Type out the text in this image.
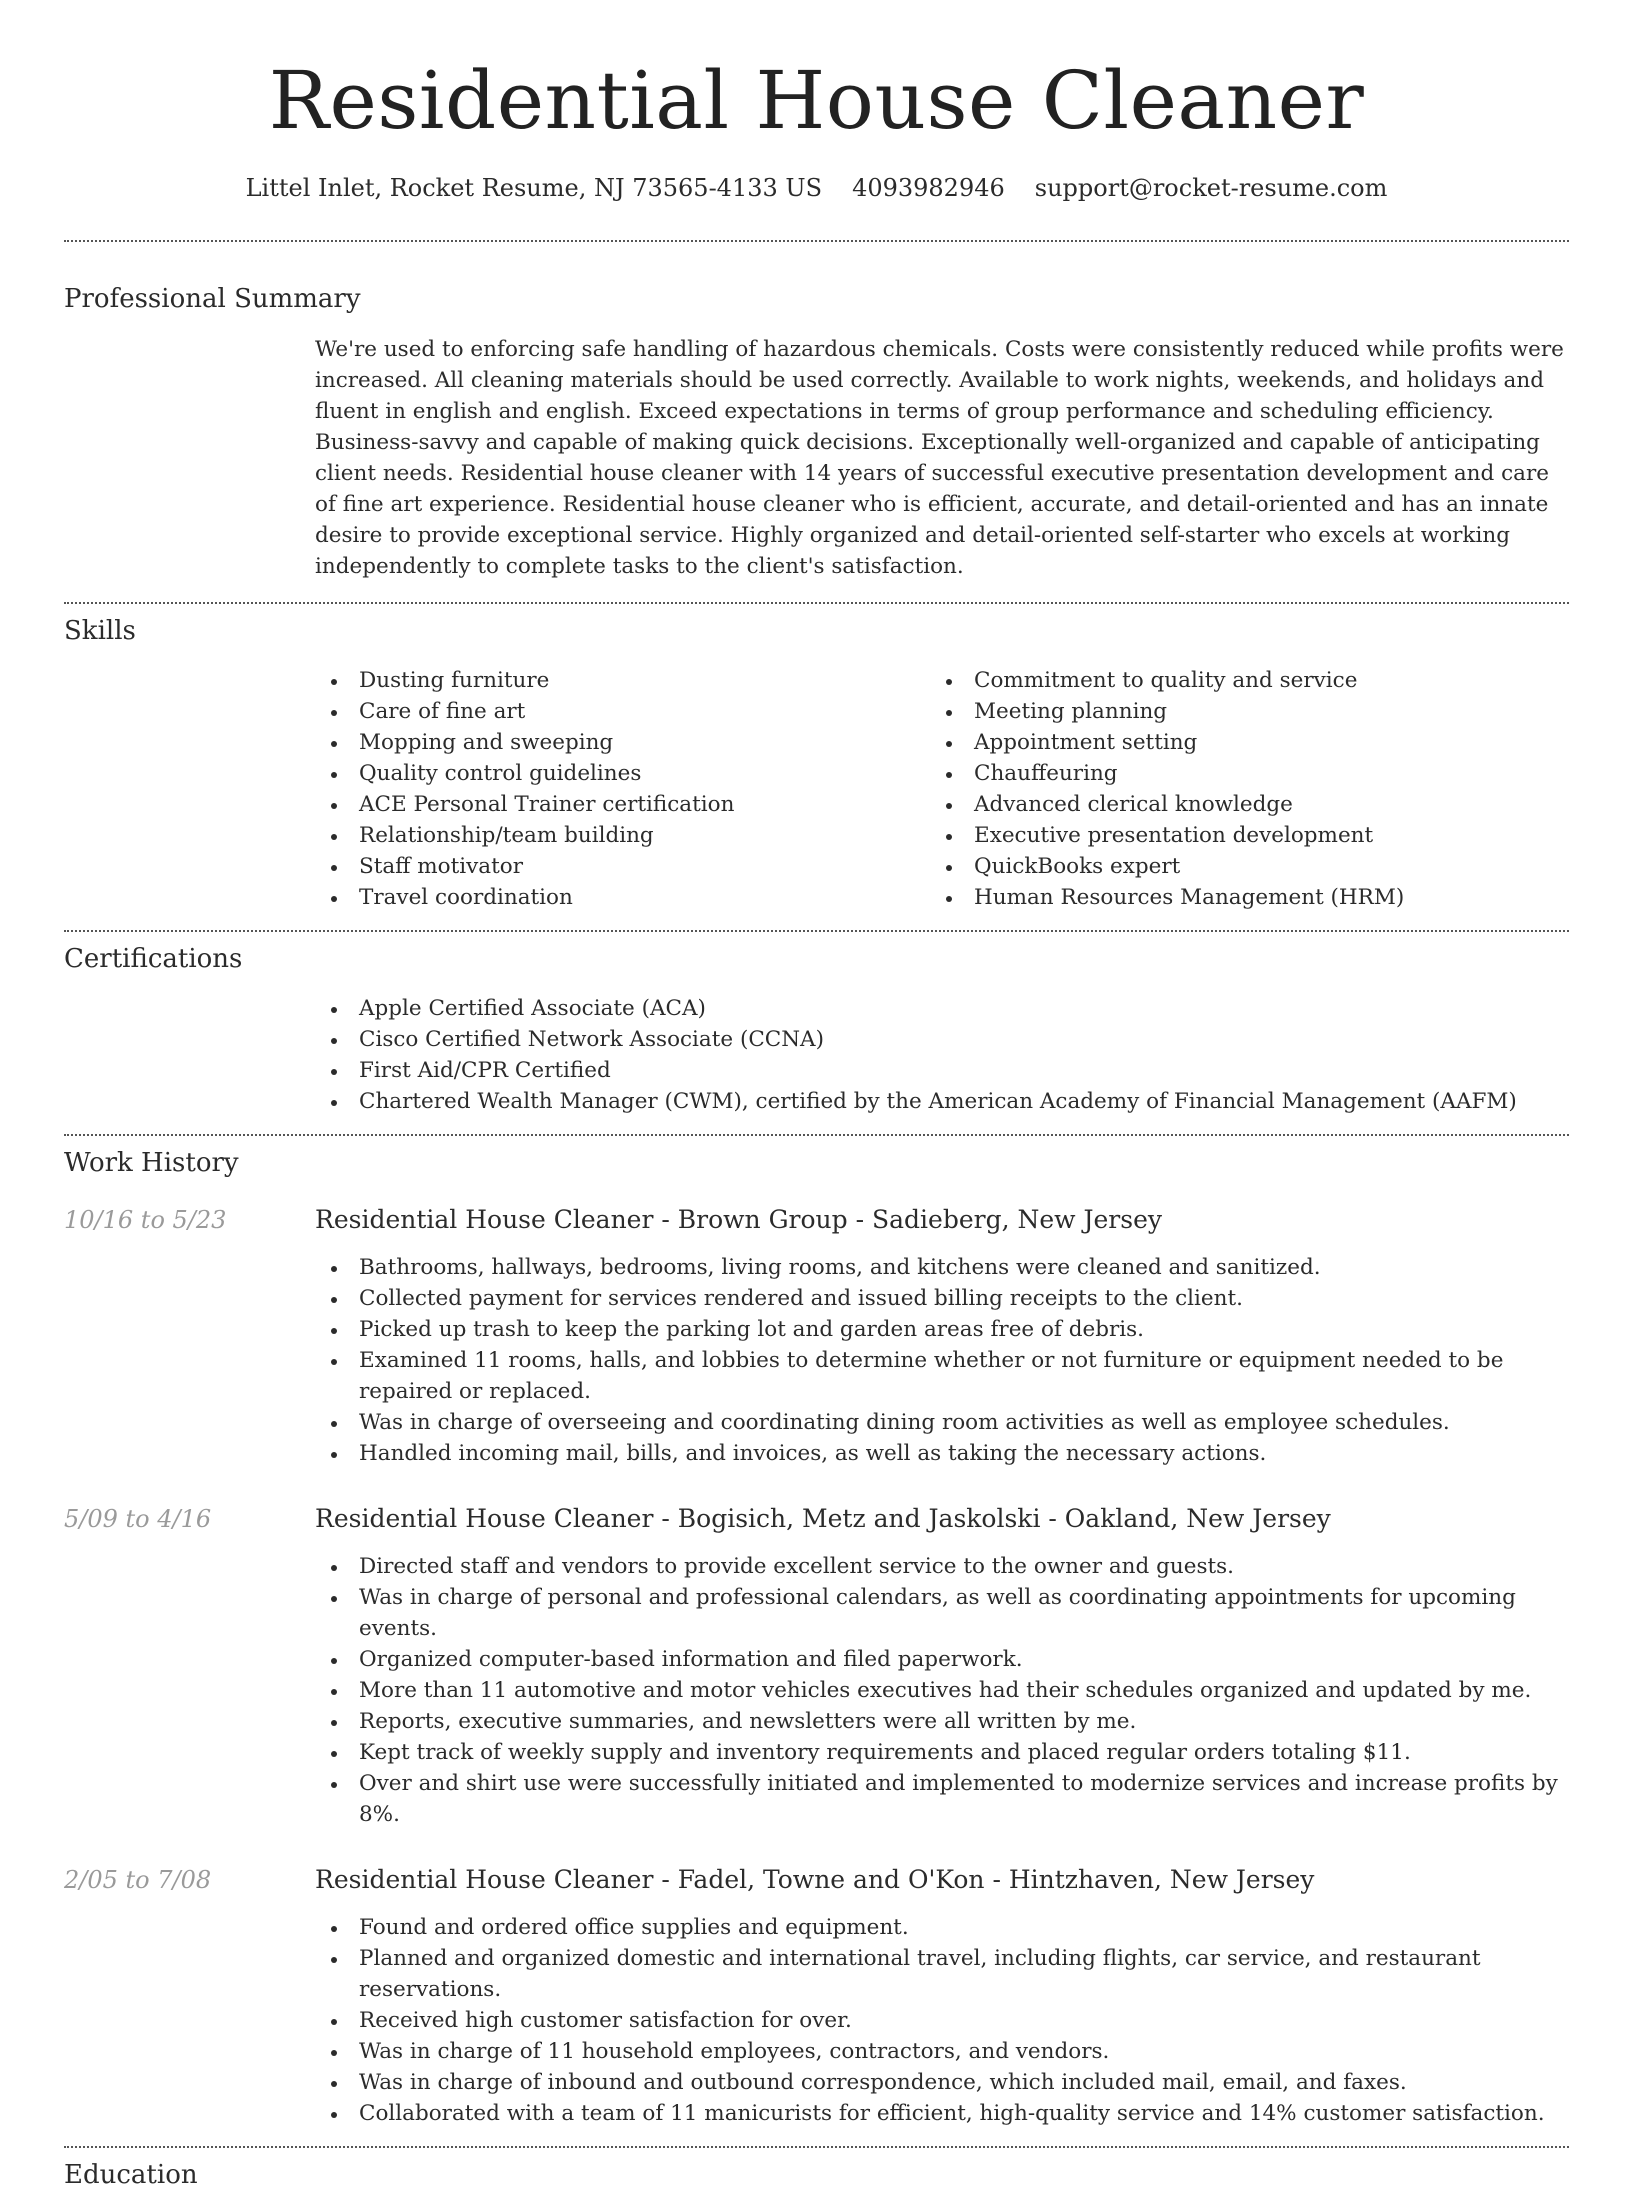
Residential House Cleaner
Littel Inlet, Rocket Resume, NJ 73565-4133 US 4093982946 support@rocket-resume.com
Professional Summary

We're used to enforcing safe handling of hazardous chemicals. Costs were consistently reduced while profits were increased. All cleaning materials should be used correctly. Available to work nights, weekends, and holidays and fluent in english and english. Exceed expectations in terms of group performance and scheduling efficiency. Business-savvy and capable of making quick decisions. Exceptionally well-organized and capable of anticipating client needs. Residential house cleaner with 14 years of successful executive presentation development and care of fine art experience. Residential house cleaner who is efficient, accurate, and detail-oriented and has an innate desire to provide exceptional service. Highly organized and detail-oriented self-starter who excels at working independently to complete tasks to the client's satisfaction.

Skills
Dusting furniture
Care of fine art
Mopping and sweeping
Quality control guidelines
ACE Personal Trainer certification
Relationship/team building
Staff motivator
Travel coordination
Commitment to quality and service
Meeting planning
Appointment setting
Chauffeuring
Advanced clerical knowledge
Executive presentation development
QuickBooks expert
Human Resources Management (HRM)
Certifications
Apple Certified Associate (ACA)
Cisco Certified Network Associate (CCNA)
First Aid/CPR Certified
Chartered Wealth Manager (CWM), certified by the American Academy of Financial Management (AAFM)
Work History
10/16 to 5/23	Residential House Cleaner - Brown Group - Sadieberg, New Jersey
Bathrooms, hallways, bedrooms, living rooms, and kitchens were cleaned and sanitized.
Collected payment for services rendered and issued billing receipts to the client.
Picked up trash to keep the parking lot and garden areas free of debris.
Examined 11 rooms, halls, and lobbies to determine whether or not furniture or equipment needed to be repaired or replaced.
Was in charge of overseeing and coordinating dining room activities as well as employee schedules.
Handled incoming mail, bills, and invoices, as well as taking the necessary actions.
5/09 to 4/16	Residential House Cleaner - Bogisich, Metz and Jaskolski - Oakland, New Jersey
Directed staff and vendors to provide excellent service to the owner and guests.
Was in charge of personal and professional calendars, as well as coordinating appointments for upcoming events.
Organized computer-based information and filed paperwork.
More than 11 automotive and motor vehicles executives had their schedules organized and updated by me.
Reports, executive summaries, and newsletters were all written by me.
Kept track of weekly supply and inventory requirements and placed regular orders totaling $11.
Over and shirt use were successfully initiated and implemented to modernize services and increase profits by 8%.
2/05 to 7/08	Residential House Cleaner - Fadel, Towne and O'Kon - Hintzhaven, New Jersey
Found and ordered office supplies and equipment.
Planned and organized domestic and international travel, including flights, car service, and restaurant reservations.
Received high customer satisfaction for over.
Was in charge of 11 household employees, contractors, and vendors.
Was in charge of inbound and outbound correspondence, which included mail, email, and faxes.
Collaborated with a team of 11 manicurists for efficient, high-quality service and 14% customer satisfaction.
Education
